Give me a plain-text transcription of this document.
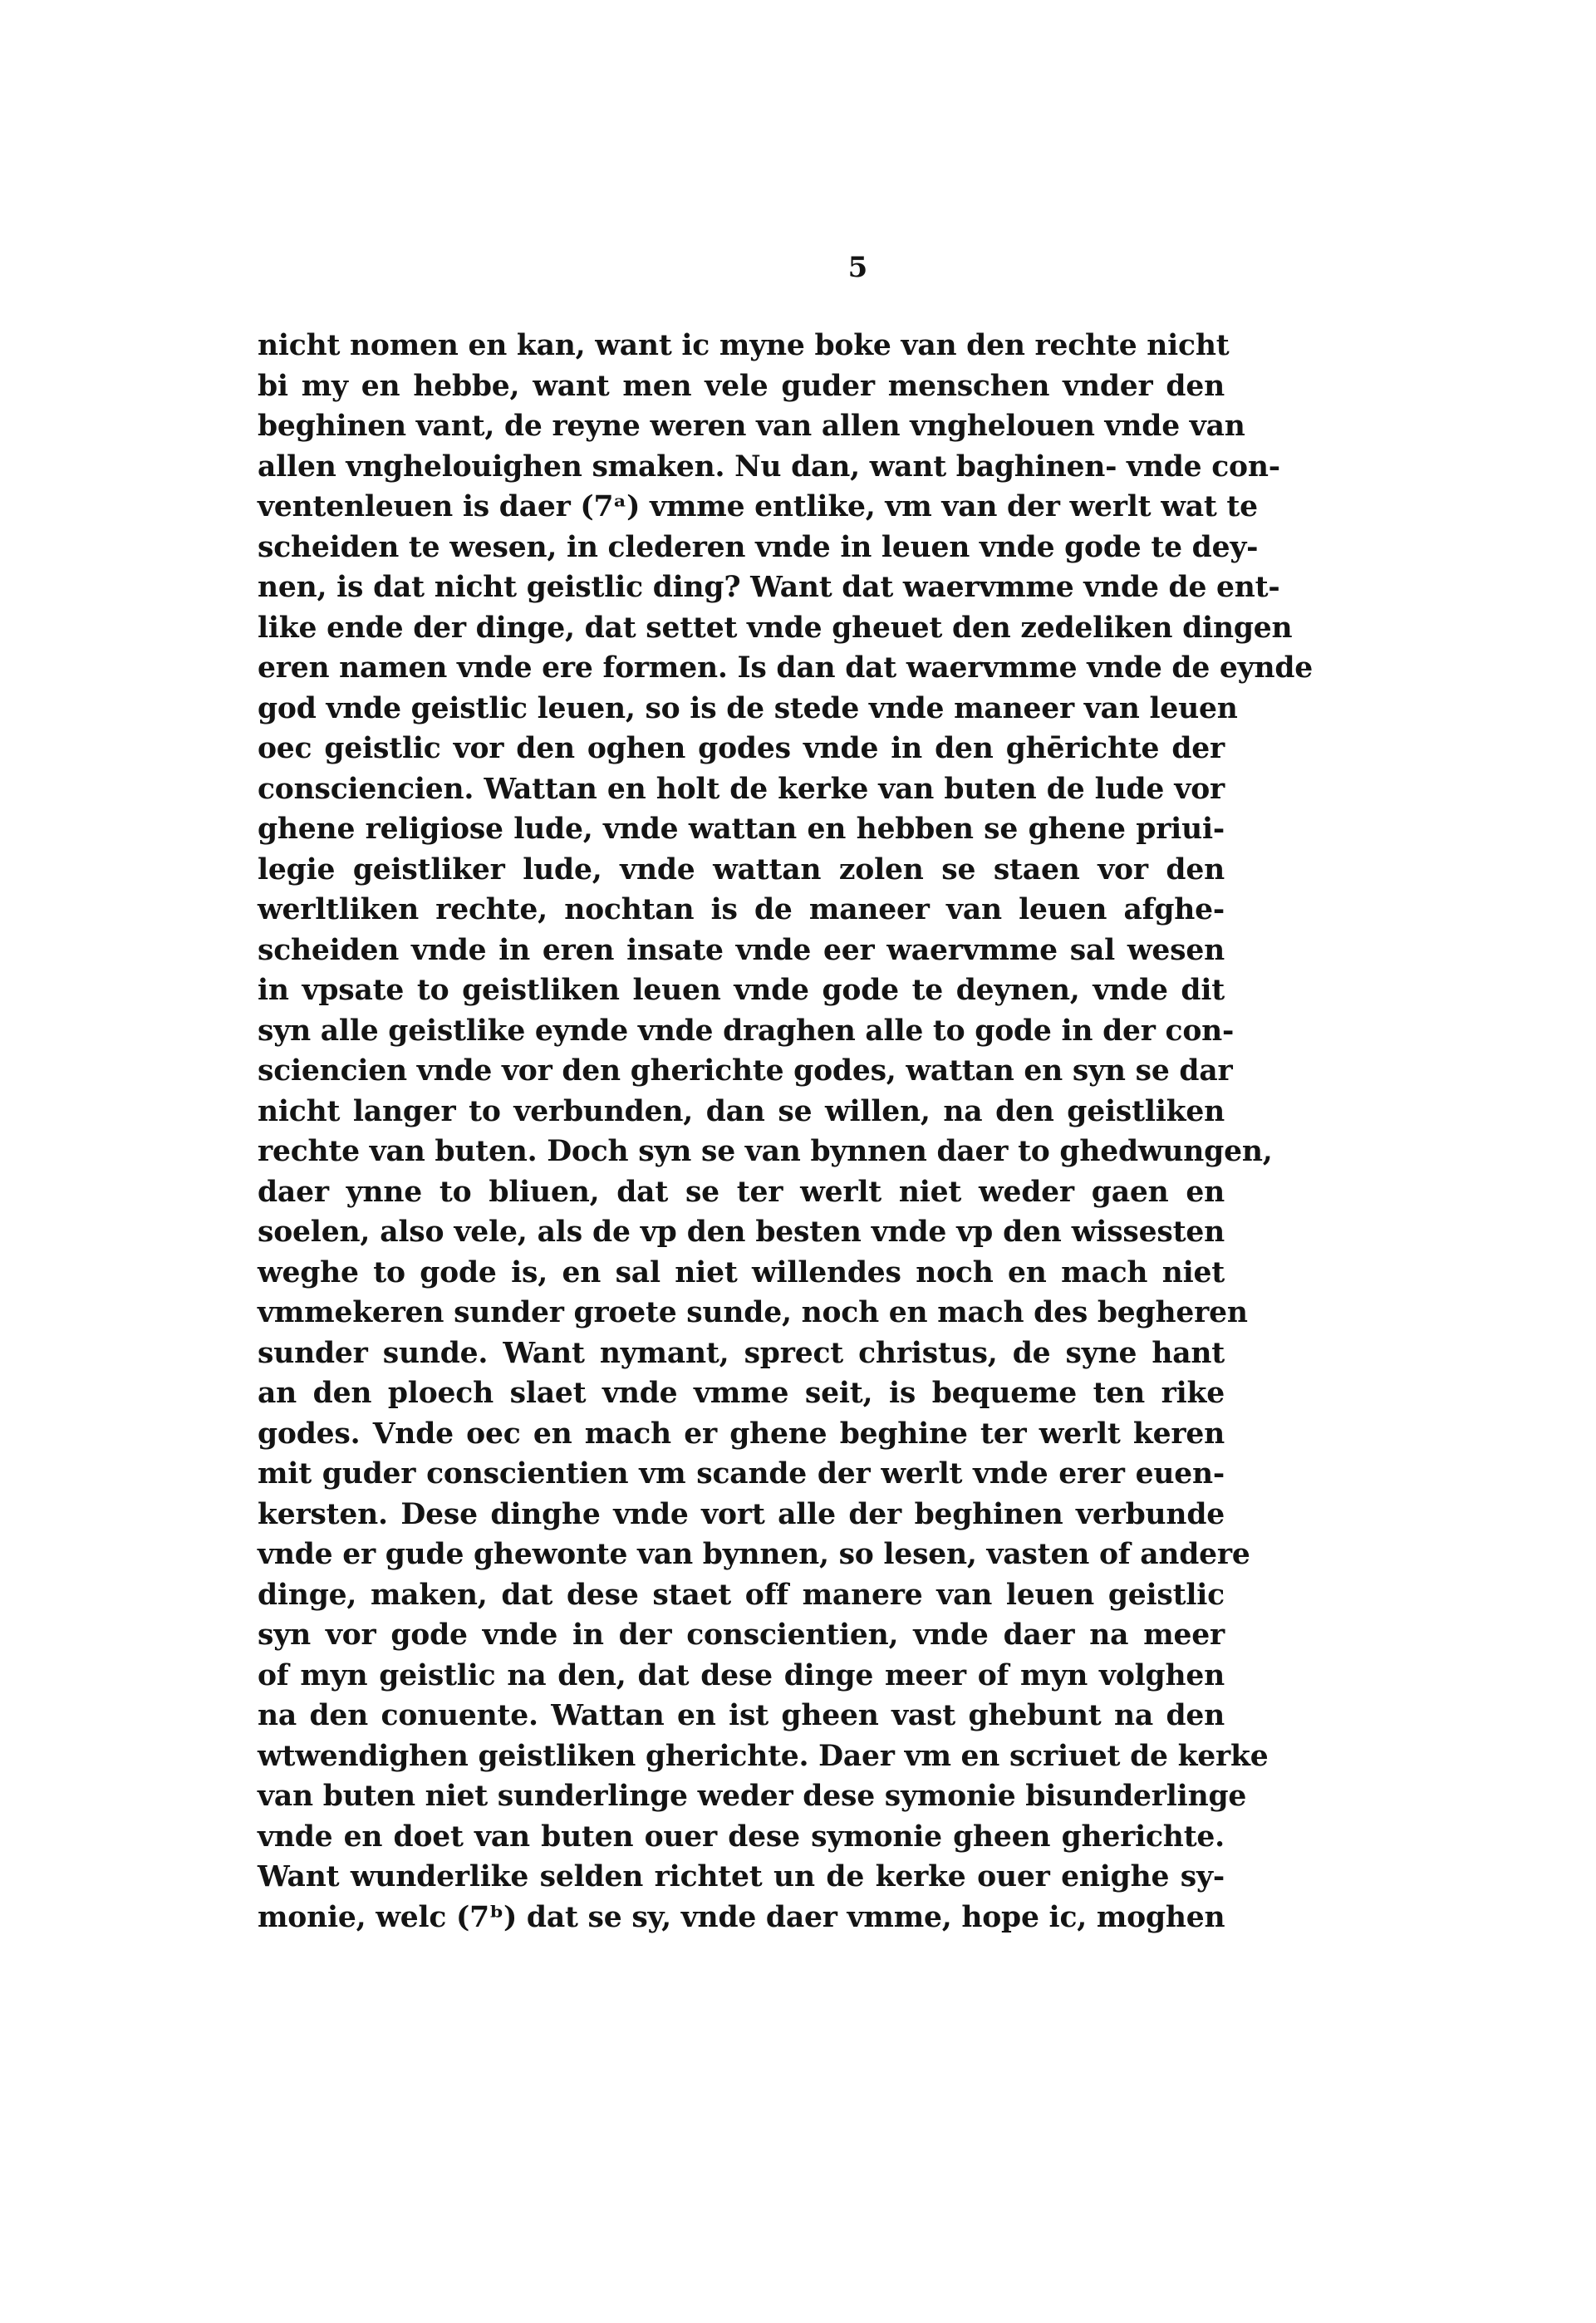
5
nicht nomen en kan, want ic myne boke van den rechte nicht
bi my en hebbe, want men vele guder menschen vnder den
beghinen vant, de reyne weren van allen vnghelouen vnde van
allen vnghelouighen smaken. Nu dan, want baghinen- vnde con-
ventenleuen is daer (7ᵃ) vmme entlike, vm van der werlt wat te
scheiden te wesen, in clederen vnde in leuen vnde gode te dey-
nen, is dat nicht geistlic ding? Want dat waervmme vnde de ent-
like ende der dinge, dat settet vnde gheuet den zedeliken dingen
eren namen vnde ere formen. Is dan dat waervmme vnde de eynde
god vnde geistlic leuen, so is de stede vnde maneer van leuen
oec geistlic vor den oghen godes vnde in den ghērichte der
consciencien. Wattan en holt de kerke van buten de lude vor
ghene religiose lude, vnde wattan en hebben se ghene priui-
legie geistliker lude, vnde wattan zolen se staen vor den
werltliken rechte, nochtan is de maneer van leuen afghe-
scheiden vnde in eren insate vnde eer waervmme sal wesen
in vpsate to geistliken leuen vnde gode te deynen, vnde dit
syn alle geistlike eynde vnde draghen alle to gode in der con-
sciencien vnde vor den gherichte godes, wattan en syn se dar
nicht langer to verbunden, dan se willen, na den geistliken
rechte van buten. Doch syn se van bynnen daer to ghedwungen,
daer ynne to bliuen, dat se ter werlt niet weder gaen en
soelen, also vele, als de vp den besten vnde vp den wissesten
weghe to gode is, en sal niet willendes noch en mach niet
vmmekeren sunder groete sunde, noch en mach des begheren
sunder sunde. Want nymant, sprect christus, de syne hant
an den ploech slaet vnde vmme seit, is bequeme ten rike
godes. Vnde oec en mach er ghene beghine ter werlt keren
mit guder conscientien vm scande der werlt vnde erer euen-
kersten. Dese dinghe vnde vort alle der beghinen verbunde
vnde er gude ghewonte van bynnen, so lesen, vasten of andere
dinge, maken, dat dese staet off manere van leuen geistlic
syn vor gode vnde in der conscientien, vnde daer na meer
of myn geistlic na den, dat dese dinge meer of myn volghen
na den conuente. Wattan en ist gheen vast ghebunt na den
wtwendighen geistliken gherichte. Daer vm en scriuet de kerke
van buten niet sunderlinge weder dese symonie bisunderlinge
vnde en doet van buten ouer dese symonie gheen gherichte.
Want wunderlike selden richtet un de kerke ouer enighe sy-
monie, welc (7ᵇ) dat se sy, vnde daer vmme, hope ic, moghen
